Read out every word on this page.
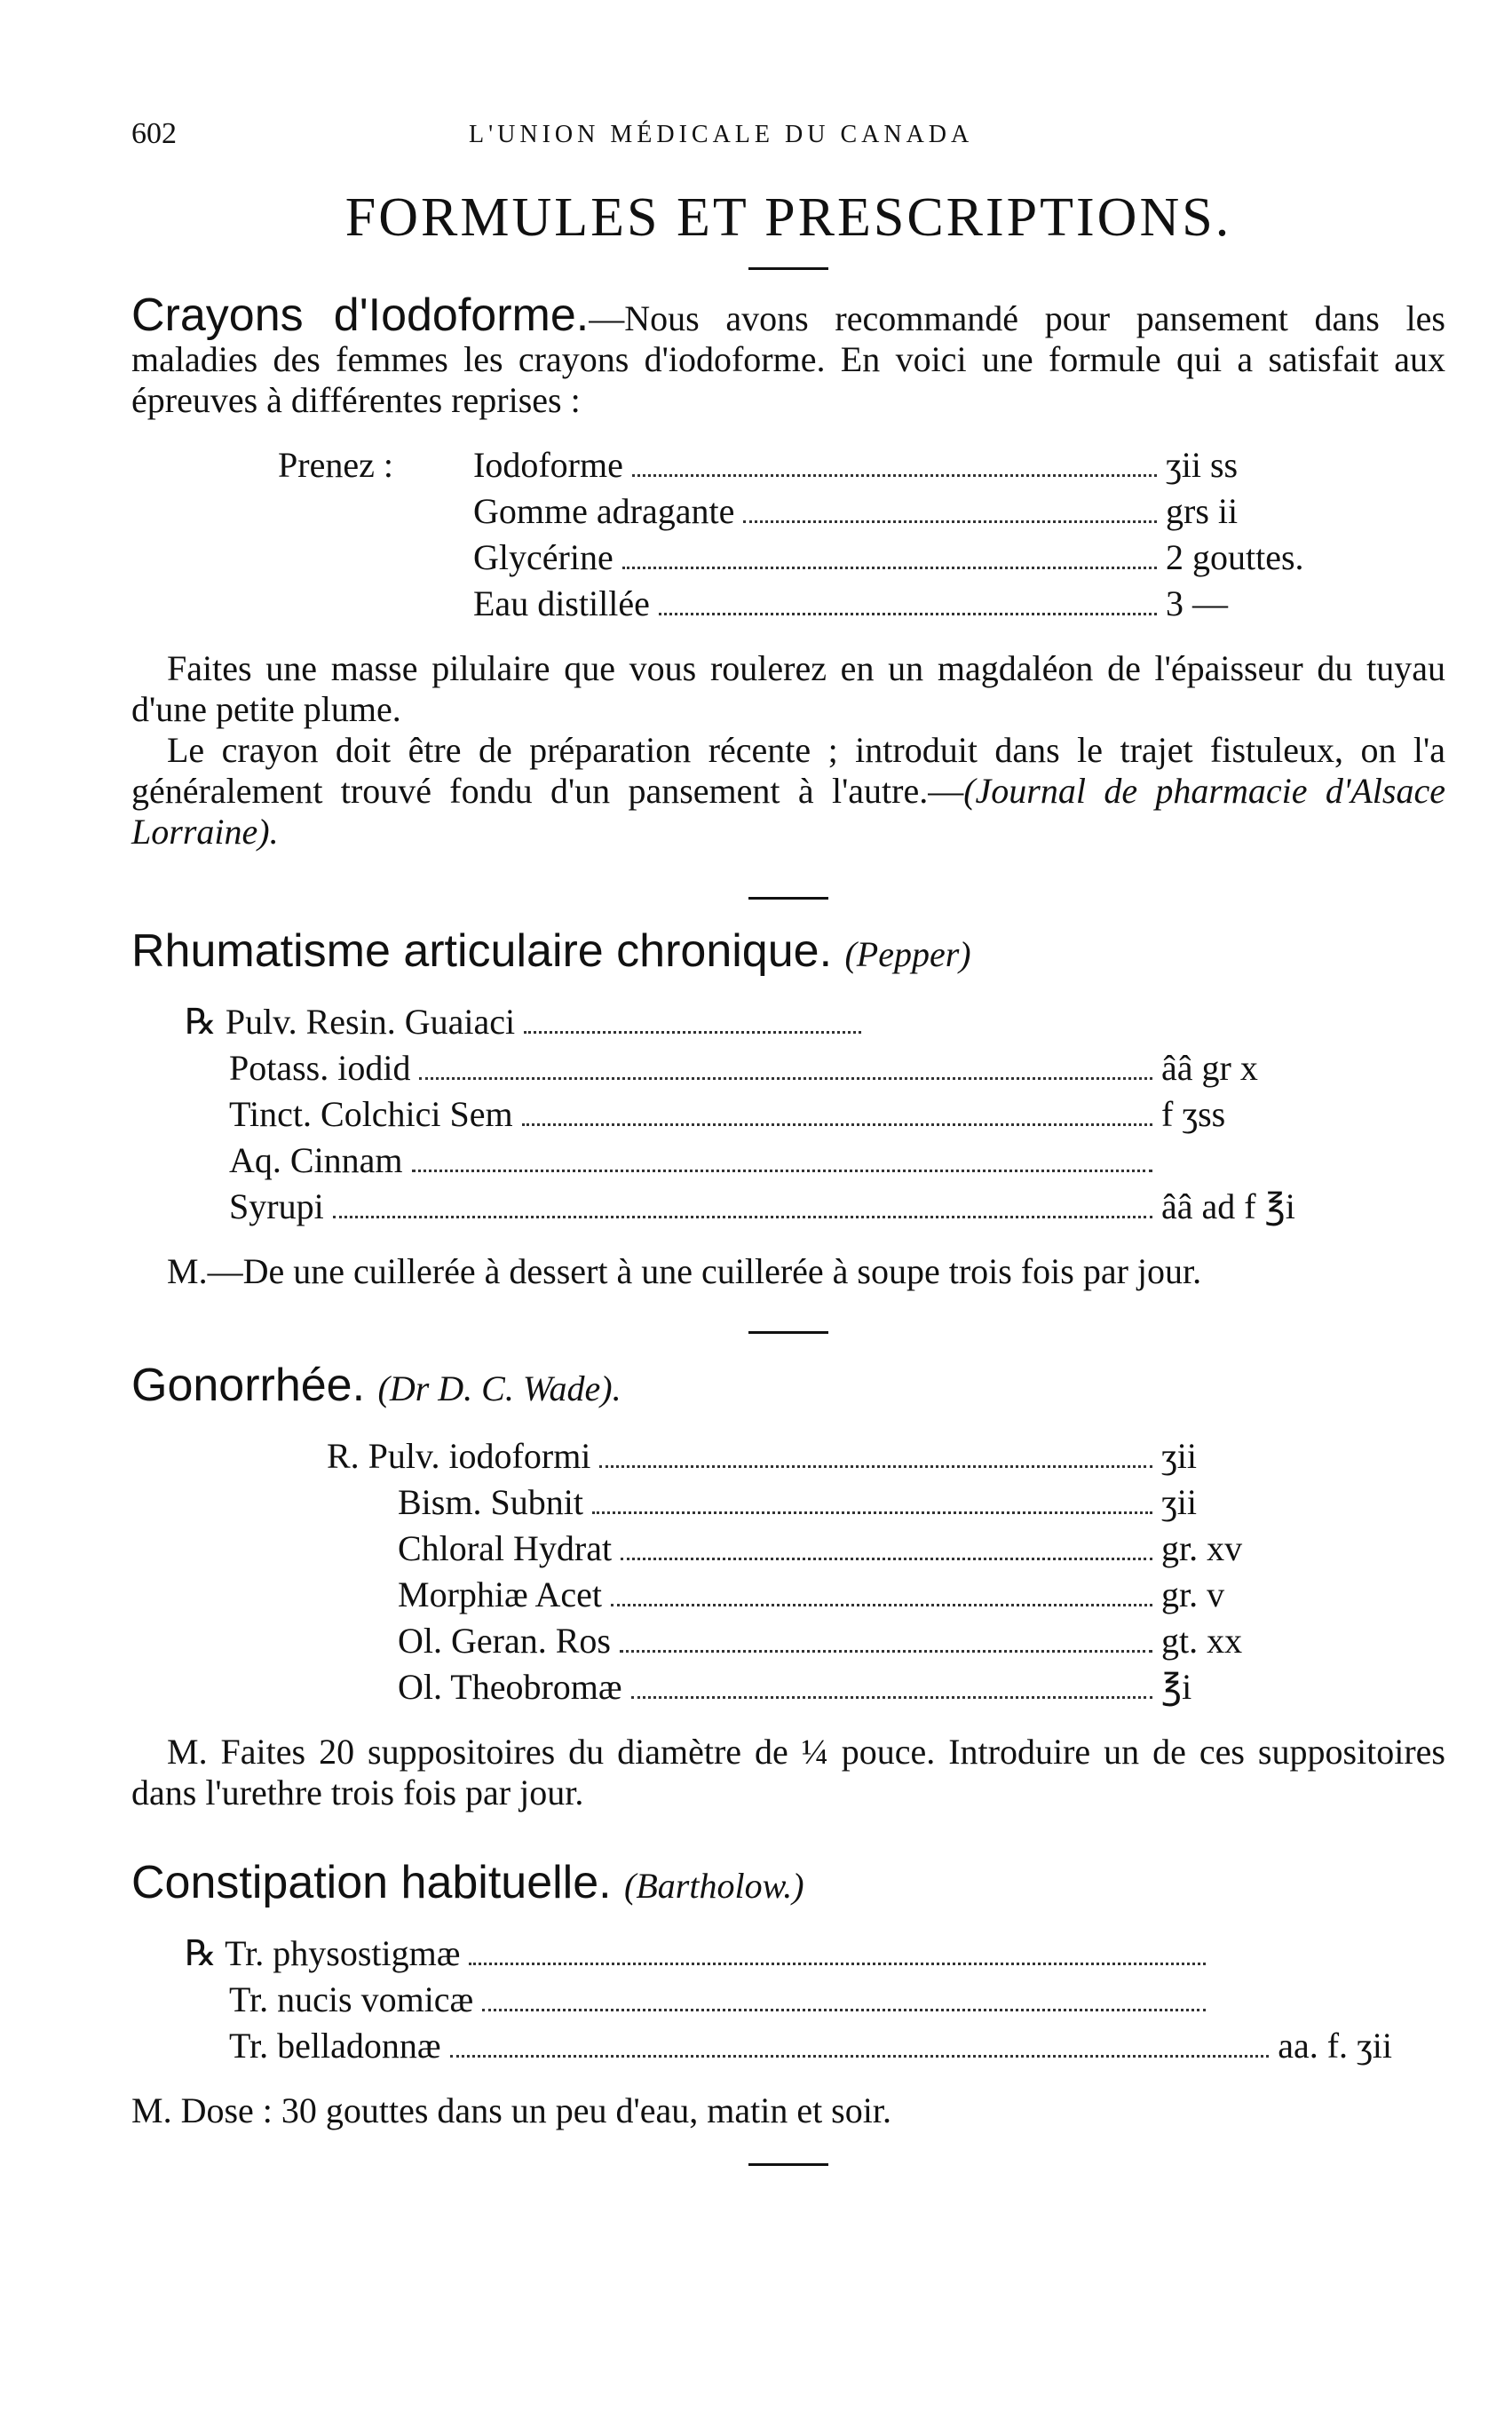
602	L'UNION MÉDICALE DU CANADA
FORMULES ET PRESCRIPTIONS.

Crayons d'Iodoforme.—Nous avons recommandé pour pansement dans les maladies des femmes les crayons d'iodoforme. En voici une formule qui a satisfait aux épreuves à différentes reprises :

Prenez :	Iodoforme	ʒii ss
Gomme adragante	grs ii
Glycérine	2 gouttes.
Eau distillée	3 —

Faites une masse pilulaire que vous roulerez en un magdaléon de l'épaisseur du tuyau d'une petite plume.

Le crayon doit être de préparation récente ; introduit dans le trajet fistuleux, on l'a généralement trouvé fondu d'un pansement à l'autre.—(Journal de pharmacie d'Alsace Lorraine).

Rhumatisme articulaire chronique. (Pepper)
℞ Pulv. Resin. Guaiaci
Potass. iodid	ââ gr x
Tinct. Colchici Sem	f ʒss
Aq. Cinnam
Syrupi	ââ ad f ℥i

M.—De une cuillerée à dessert à une cuillerée à soupe trois fois par jour.

Gonorrhée. (Dr D. C. Wade).
R. Pulv. iodoformi	ʒii
Bism. Subnit	ʒii
Chloral Hydrat	gr. xv
Morphiæ Acet	gr. v
Ol. Geran. Ros	gt. xx
Ol. Theobromæ	℥i

M. Faites 20 suppositoires du diamètre de ¼ pouce. Introduire un de ces suppositoires dans l'urethre trois fois par jour.

Constipation habituelle. (Bartholow.)
℞ Tr. physostigmæ
Tr. nucis vomicæ
Tr. belladonnæ	aa. f. ʒii

M. Dose : 30 gouttes dans un peu d'eau, matin et soir.
